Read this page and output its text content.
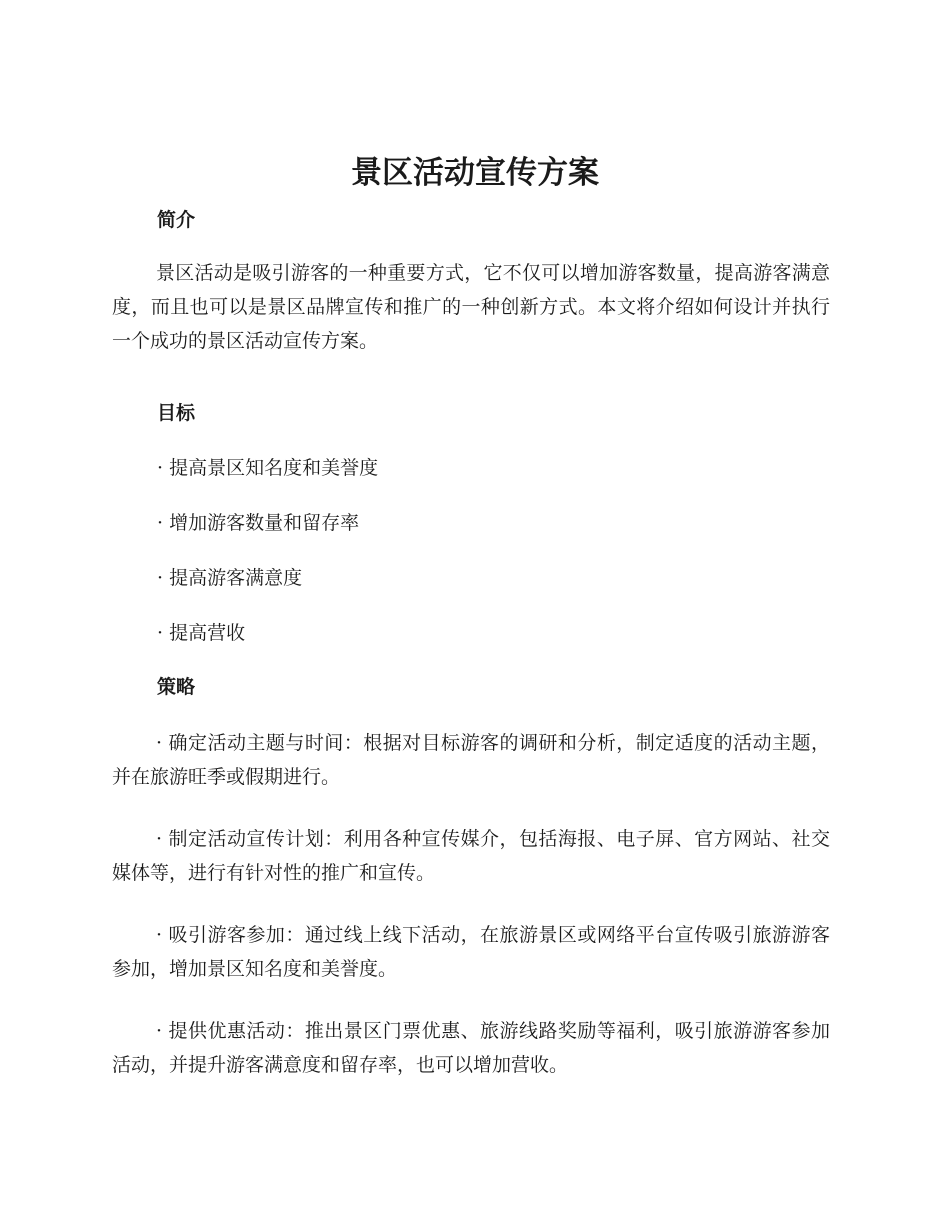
景区活动宣传方案
简介

景区活动是吸引游客的一种重要方式，它不仅可以增加游客数量，提高游客满意度，而且也可以是景区品牌宣传和推广的一种创新方式。本文将介绍如何设计并执行一个成功的景区活动宣传方案。

目标

· 提高景区知名度和美誉度

· 增加游客数量和留存率

· 提高游客满意度

· 提高营收

策略

· 确定活动主题与时间：根据对目标游客的调研和分析，制定适度的活动主题，并在旅游旺季或假期进行。

· 制定活动宣传计划：利用各种宣传媒介，包括海报、电子屏、官方网站、社交媒体等，进行有针对性的推广和宣传。

· 吸引游客参加：通过线上线下活动，在旅游景区或网络平台宣传吸引旅游游客参加，增加景区知名度和美誉度。

· 提供优惠活动：推出景区门票优惠、旅游线路奖励等福利，吸引旅游游客参加活动，并提升游客满意度和留存率，也可以增加营收。
